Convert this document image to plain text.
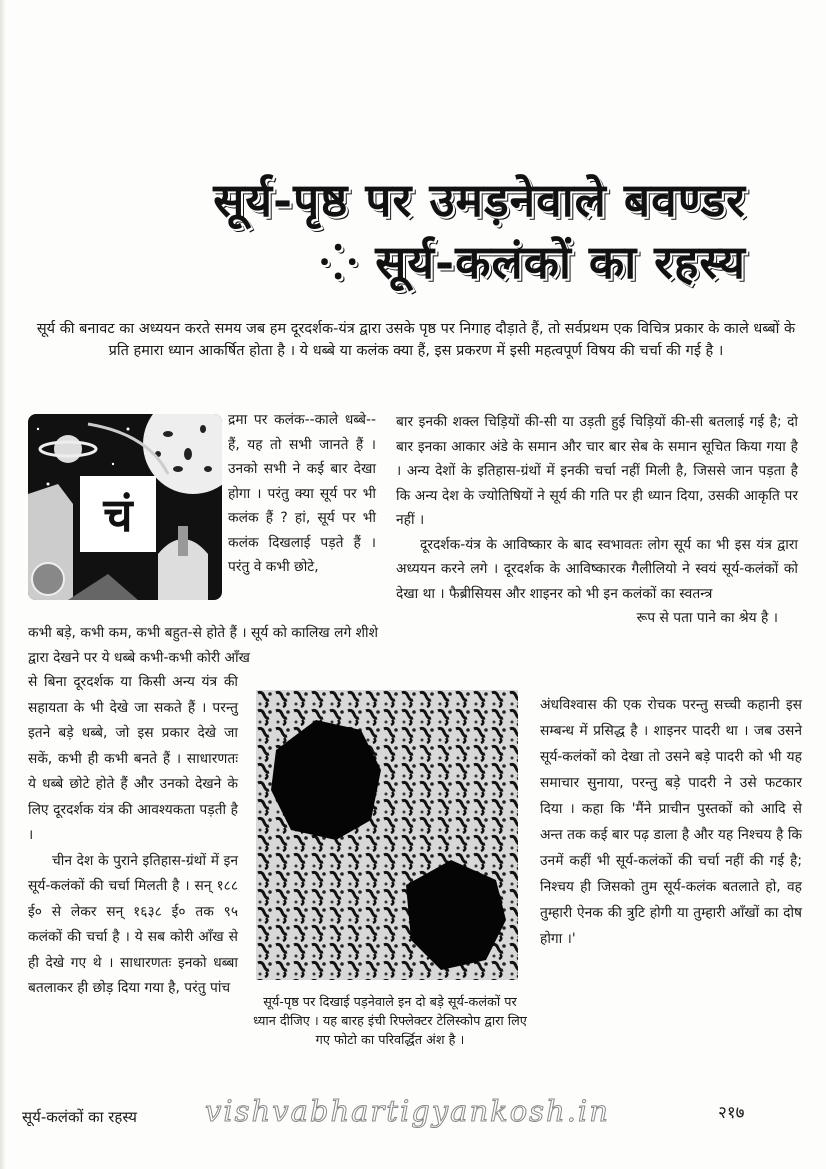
सूर्य-पृष्ठ पर उमड़नेवाले बवण्डर
⁘ सूर्य-कलंकों का रहस्य
सूर्य की बनावट का अध्ययन करते समय जब हम दूरदर्शक-यंत्र द्वारा उसके पृष्ठ पर निगाह दौड़ाते हैं, तो सर्वप्रथम एक विचित्र प्रकार के काले धब्बों के प्रति हमारा ध्यान आकर्षित होता है । ये धब्बे या कलंक क्या हैं, इस प्रकरण में इसी महत्वपूर्ण विषय की चर्चा की गई है ।
चं

द्रमा पर कलंक--काले धब्बे--हैं, यह तो सभी जानते हैं । उनको सभी ने कई बार देखा होगा । परंतु क्या सूर्य पर भी कलंक हैं ? हां, सूर्य पर भी कलंक दिखलाई पड़ते हैं । परंतु वे कभी छोटे,

कभी बड़े, कभी कम, कभी बहुत-से होते हैं । सूर्य को कालिख लगे शीशे द्वारा देखने पर ये धब्बे कभी-कभी कोरी आँख

से बिना दूरदर्शक या किसी अन्य यंत्र की सहायता के भी देखे जा सकते हैं । परन्तु इतने बड़े धब्बे, जो इस प्रकार देखे जा सकें, कभी ही कभी बनते हैं । साधारणतः ये धब्बे छोटे होते हैं और उनको देखने के लिए दूरदर्शक यंत्र की आवश्यकता पड़ती है ।

चीन देश के पुराने इतिहास-ग्रंथों में इन सूर्य-कलंकों की चर्चा मिलती है । सन् १८८ ई० से लेकर सन् १६३८ ई० तक ९५ कलंकों की चर्चा है । ये सब कोरी आँख से ही देखे गए थे । साधारणतः इनको धब्बा बतलाकर ही छोड़ दिया गया है, परंतु पांच

बार इनकी शक्ल चिड़ियों की-सी या उड़ती हुई चिड़ियों की-सी बतलाई गई है; दो बार इनका आकार अंडे के समान और चार बार सेब के समान सूचित किया गया है । अन्य देशों के इतिहास-ग्रंथों में इनकी चर्चा नहीं मिली है, जिससे जान पड़ता है कि अन्य देश के ज्योतिषियों ने सूर्य की गति पर ही ध्यान दिया, उसकी आकृति पर नहीं ।

दूरदर्शक-यंत्र के आविष्कार के बाद स्वभावतः लोग सूर्य का भी इस यंत्र द्वारा अध्ययन करने लगे । दूरदर्शक के आविष्कारक गैलीलियो ने स्वयं सूर्य-कलंकों को देखा था । फैब्रीसियस और शाइनर को भी इन कलंकों का स्वतन्त्र

रूप से पता पाने का श्रेय है ।

अंधविश्वास की एक रोचक परन्तु सच्ची कहानी इस सम्बन्ध में प्रसिद्ध है । शाइनर पादरी था । जब उसने सूर्य-कलंकों को देखा तो उसने बड़े पादरी को भी यह समाचार सुनाया, परन्तु बड़े पादरी ने उसे फटकार दिया । कहा कि 'मैंने प्राचीन पुस्तकों को आदि से अन्त तक कई बार पढ़ डाला है और यह निश्चय है कि उनमें कहीं भी सूर्य-कलंकों की चर्चा नहीं की गई है; निश्चय ही जिसको तुम सूर्य-कलंक बतलाते हो, वह तुम्हारी ऐनक की त्रुटि होगी या तुम्हारी आँखों का दोष होगा ।'

सूर्य-पृष्ठ पर दिखाई पड़नेवाले इन दो बड़े सूर्य-कलंकों पर ध्यान दीजिए । यह बारह इंची रिफ्लेक्टर टेलिस्कोप द्वारा लिए गए फोटो का परिवर्द्धित अंश है ।
सूर्य-कलंकों का रहस्य vishvabhartigyankosh.in	२१७
